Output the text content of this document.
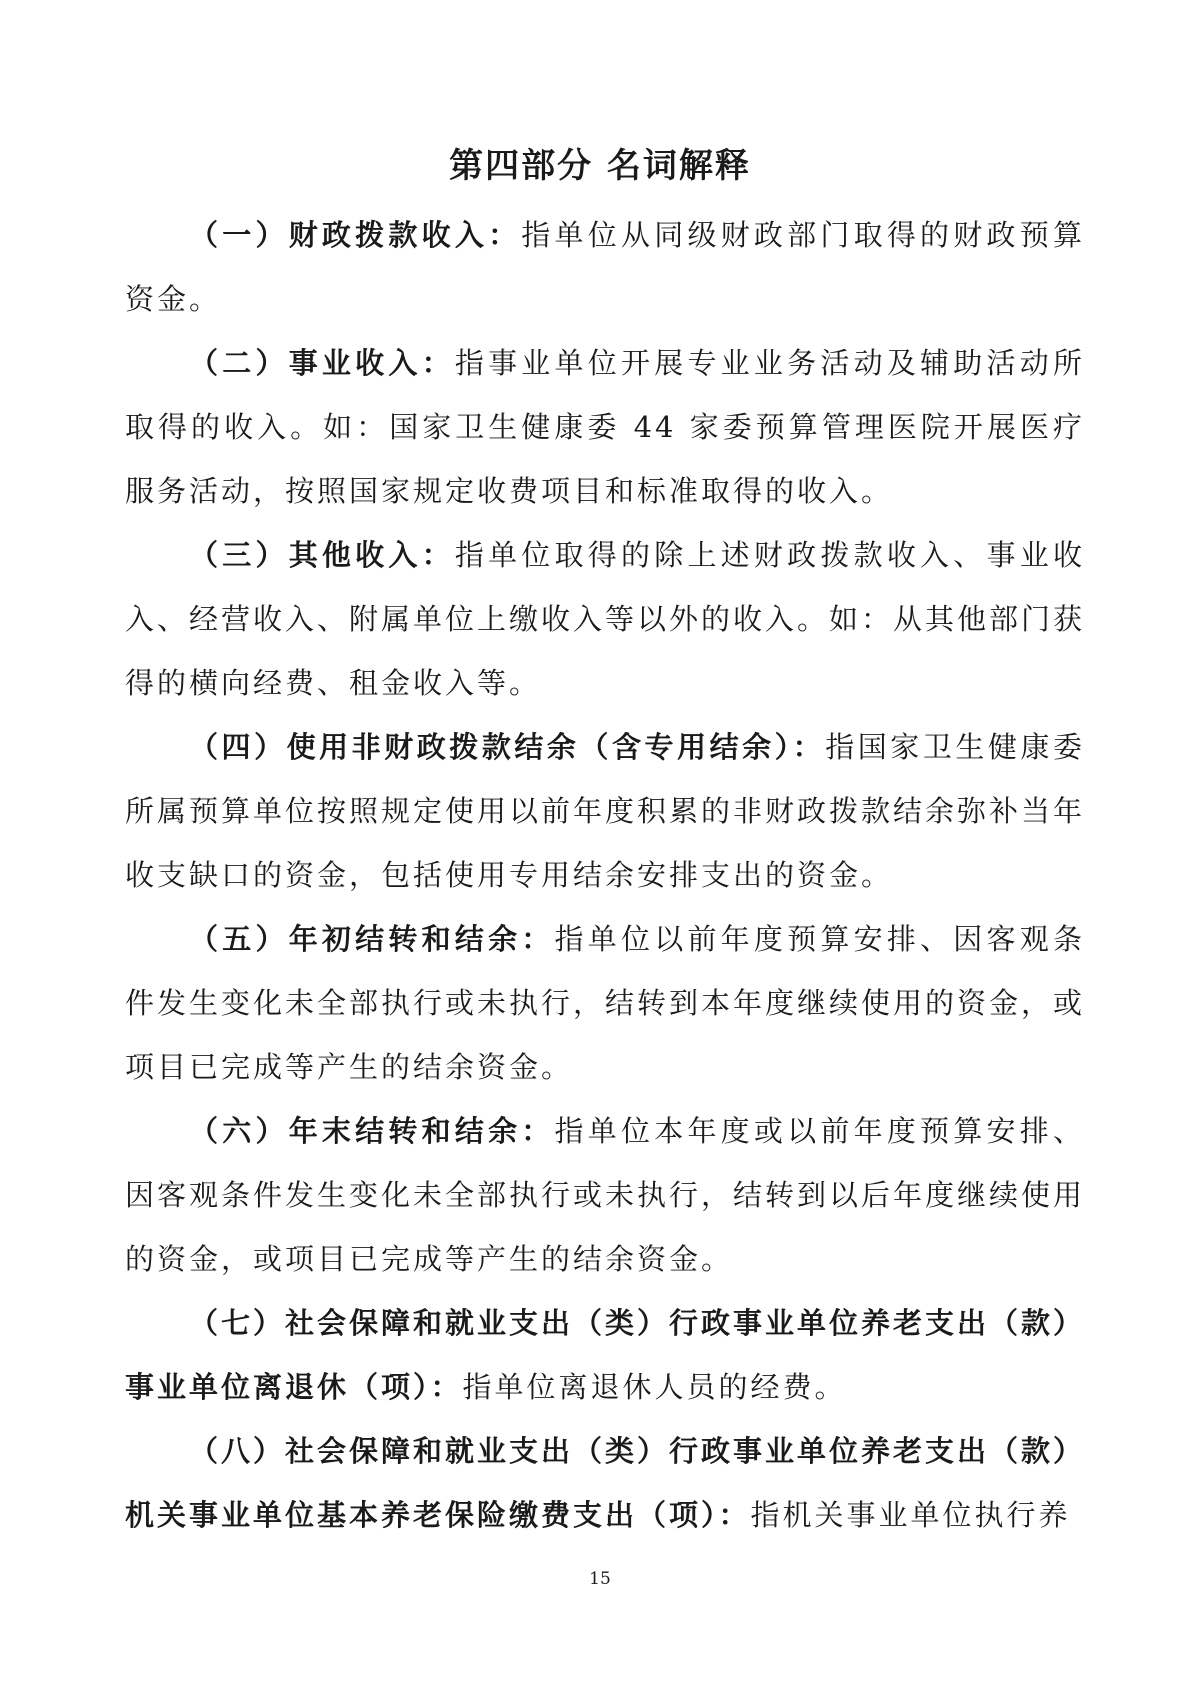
第四部分 名词解释

（一）财政拨款收入：指单位从同级财政部门取得的财政预算资金。

（二）事业收入：指事业单位开展专业业务活动及辅助活动所取得的收入。如：国家卫生健康委 44 家委预算管理医院开展医疗服务活动，按照国家规定收费项目和标准取得的收入。

（三）其他收入：指单位取得的除上述财政拨款收入、事业收入、经营收入、附属单位上缴收入等以外的收入。如：从其他部门获得的横向经费、租金收入等。

（四）使用非财政拨款结余（含专用结余）：指国家卫生健康委所属预算单位按照规定使用以前年度积累的非财政拨款结余弥补当年收支缺口的资金，包括使用专用结余安排支出的资金。

（五）年初结转和结余：指单位以前年度预算安排、因客观条件发生变化未全部执行或未执行，结转到本年度继续使用的资金，或项目已完成等产生的结余资金。

（六）年末结转和结余：指单位本年度或以前年度预算安排、因客观条件发生变化未全部执行或未执行，结转到以后年度继续使用的资金，或项目已完成等产生的结余资金。

（七）社会保障和就业支出（类）行政事业单位养老支出（款）事业单位离退休（项）：指单位离退休人员的经费。

（八）社会保障和就业支出（类）行政事业单位养老支出（款）机关事业单位基本养老保险缴费支出（项）：指机关事业单位执行养

15
